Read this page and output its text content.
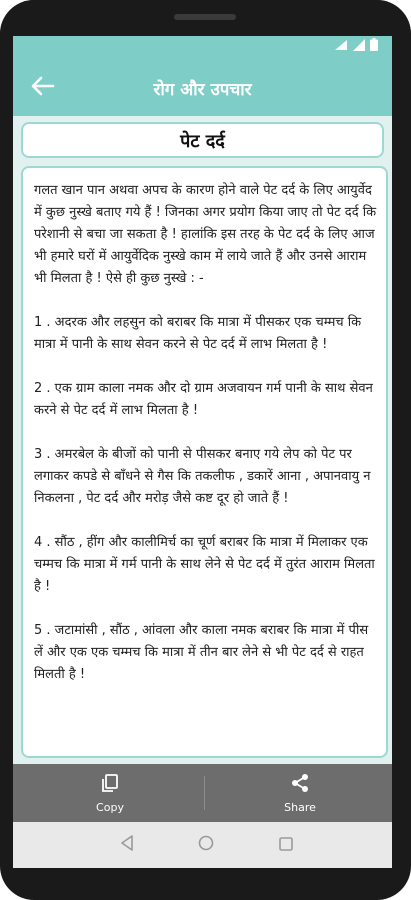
रोग और उपचार
पेट दर्द
गलत खान पान अथवा अपच के कारण होने वाले पेट दर्द के लिए आयुर्वेद में कुछ नुस्खे बताए गये हैं ! जिनका अगर प्रयोग किया जाए तो पेट दर्द कि परेशानी से बचा जा सकता है ! हालांकि इस तरह के पेट दर्द के लिए आज भी हमारे घरों में आयुर्वेदिक नुस्खे काम में लाये जाते हैं और उनसे आराम भी मिलता है ! ऐसे ही कुछ नुस्खे : -

1 . अदरक और लहसुन को बराबर कि मात्रा में पीसकर एक चम्मच कि मात्रा में पानी के साथ सेवन करने से पेट दर्द में लाभ मिलता है !

2 . एक ग्राम काला नमक और दो ग्राम अजवायन गर्म पानी के साथ सेवन करने से पेट दर्द में लाभ मिलता है !

3 . अमरबेल के बीजों को पानी से पीसकर बनाए गये लेप को पेट पर लगाकर कपडे से बाँधने से गैस कि तकलीफ , डकारें आना , अपानवायु न निकलना , पेट दर्द और मरोड़ जैसे कष्ट दूर हो जाते हैं !

4 . सौंठ , हींग और कालीमिर्च का चूर्ण बराबर कि मात्रा में मिलाकर एक चम्मच कि मात्रा में गर्म पानी के साथ लेने से पेट दर्द में तुरंत आराम मिलता है !

5 . जटामांसी , सौंठ , आंवला और काला नमक बराबर कि मात्रा में पीस लें और एक एक चम्मच कि मात्रा में तीन बार लेने से भी पेट दर्द से राहत मिलती है !
Copy	Share
